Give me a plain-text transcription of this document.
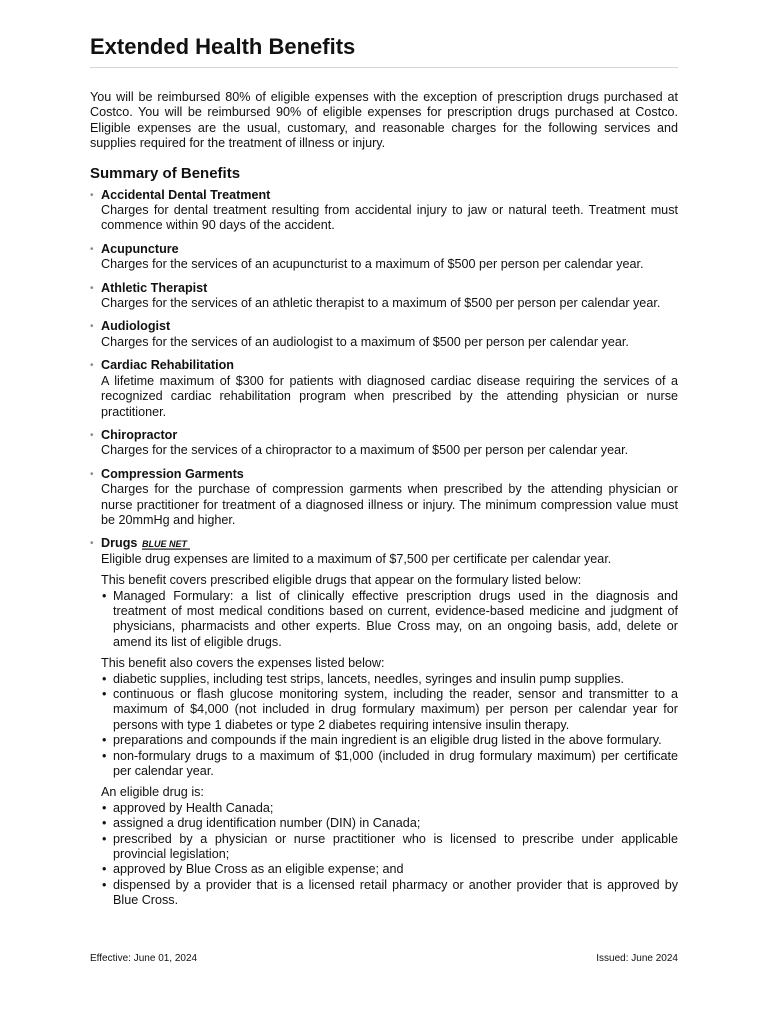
Extended Health Benefits

You will be reimbursed 80% of eligible expenses with the exception of prescription drugs purchased at Costco. You will be reimbursed 90% of eligible expenses for prescription drugs purchased at Costco. Eligible expenses are the usual, customary, and reasonable charges for the following services and supplies required for the treatment of illness or injury.

Summary of Benefits
• Accidental Dental Treatment
Charges for dental treatment resulting from accidental injury to jaw or natural teeth. Treatment must commence within 90 days of the accident.
• Acupuncture
Charges for the services of an acupuncturist to a maximum of $500 per person per calendar year.
• Athletic Therapist
Charges for the services of an athletic therapist to a maximum of $500 per person per calendar year.
• Audiologist
Charges for the services of an audiologist to a maximum of $500 per person per calendar year.
• Cardiac Rehabilitation
A lifetime maximum of $300 for patients with diagnosed cardiac disease requiring the services of a recognized cardiac rehabilitation program when prescribed by the attending physician or nurse practitioner.
• Chiropractor
Charges for the services of a chiropractor to a maximum of $500 per person per calendar year.
• Compression Garments
Charges for the purchase of compression garments when prescribed by the attending physician or nurse practitioner for treatment of a diagnosed illness or injury. The minimum compression value must be 20mmHg and higher.
• Drugs BLUE NET
Eligible drug expenses are limited to a maximum of $7,500 per certificate per calendar year.
This benefit covers prescribed eligible drugs that appear on the formulary listed below:
• Managed Formulary: a list of clinically effective prescription drugs used in the diagnosis and treatment of most medical conditions based on current, evidence-based medicine and judgment of physicians, pharmacists and other experts. Blue Cross may, on an ongoing basis, add, delete or amend its list of eligible drugs.
This benefit also covers the expenses listed below:
• diabetic supplies, including test strips, lancets, needles, syringes and insulin pump supplies.
• continuous or flash glucose monitoring system, including the reader, sensor and transmitter to a maximum of $4,000 (not included in drug formulary maximum) per person per calendar year for persons with type 1 diabetes or type 2 diabetes requiring intensive insulin therapy.
• preparations and compounds if the main ingredient is an eligible drug listed in the above formulary.
• non-formulary drugs to a maximum of $1,000 (included in drug formulary maximum) per certificate per calendar year.
An eligible drug is:
• approved by Health Canada;
• assigned a drug identification number (DIN) in Canada;
• prescribed by a physician or nurse practitioner who is licensed to prescribe under applicable provincial legislation;
• approved by Blue Cross as an eligible expense; and
• dispensed by a provider that is a licensed retail pharmacy or another provider that is approved by Blue Cross.
Effective: June 01, 2024	Issued: June 2024
